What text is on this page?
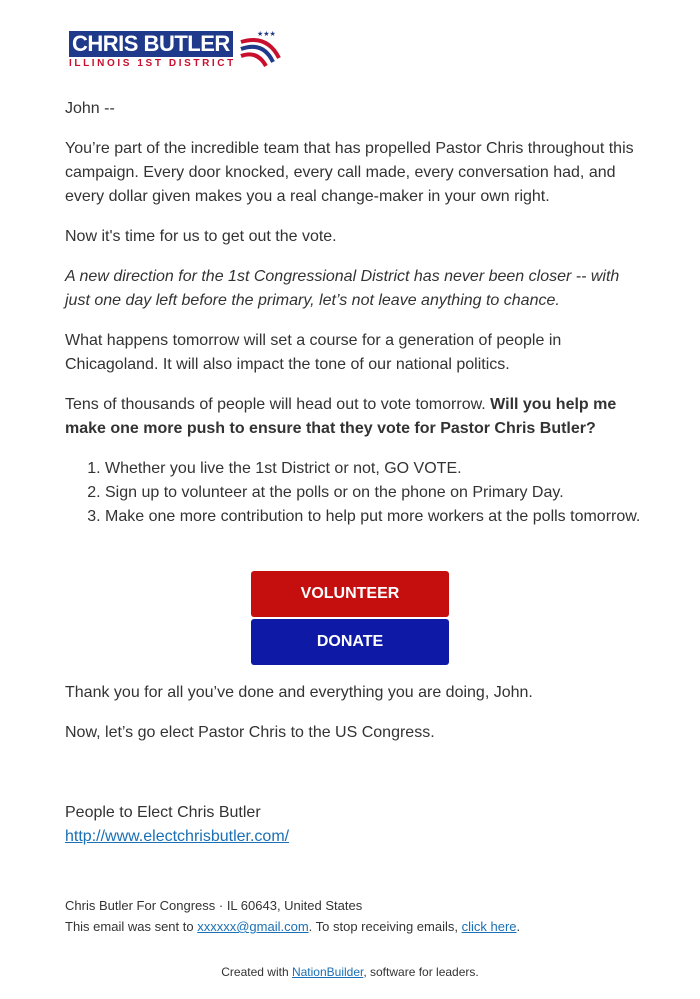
CHRIS BUTLER
ILLINOIS 1ST DISTRICT
★★★

John --

You’re part of the incredible team that has propelled Pastor Chris throughout this campaign. Every door knocked, every call made, every conversation had, and every dollar given makes you a real change-maker in your own right.

Now it's time for us to get out the vote.

A new direction for the 1st Congressional District has never been closer -- with just one day left before the primary, let’s not leave anything to chance.

What happens tomorrow will set a course for a generation of people in Chicagoland. It will also impact the tone of our national politics.

Tens of thousands of people will head out to vote tomorrow. Will you help me make one more push to ensure that they vote for Pastor Chris Butler?

1. Whether you live the 1st District or not, GO VOTE.
2. Sign up to volunteer at the polls or on the phone on Primary Day.
3. Make one more contribution to help put more workers at the polls tomorrow.
VOLUNTEER
DONATE
Thank you for all you’ve done and everything you are doing, John.
Now, let’s go elect Pastor Chris to the US Congress.
People to Elect Chris Butler
http://www.electchrisbutler.com/
Chris Butler For Congress · IL 60643, United States
This email was sent to xxxxxx@gmail.com. To stop receiving emails, click here.
Created with NationBuilder, software for leaders.
